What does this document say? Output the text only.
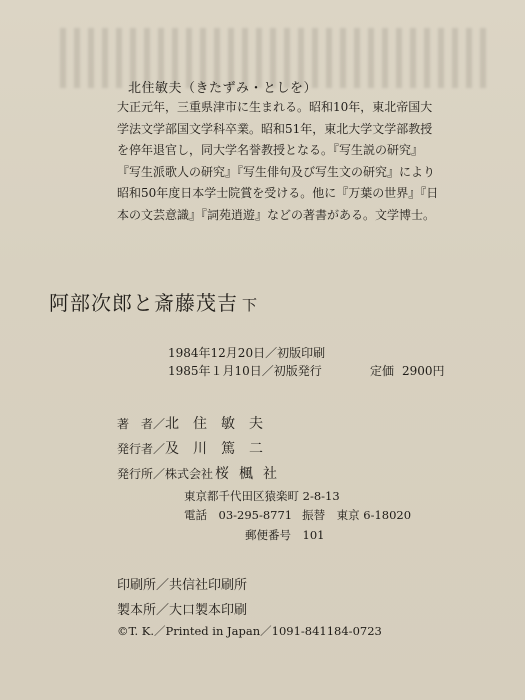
北住敏夫（きたずみ・としを）
大正元年，三重県津市に生まれる。昭和10年，東北帝国大
学法文学部国文学科卒業。昭和51年，東北大学文学部教授
を停年退官し，同大学名誉教授となる。『写生説の研究』
『写生派歌人の研究』『写生俳句及び写生文の研究』により
昭和50年度日本学士院賞を受ける。他に『万葉の世界』『日
本の文芸意識』『詞苑逍遊』などの著書がある。文学博士。
阿部次郎と斎藤茂吉 下
1984年12月20日／初版印刷
1985年１月10日／初版発行	定価 2900円
著　者／北住敏夫
発行者／及川篤二
発行所／株式会社 桜楓社
東京都千代田区猿楽町 2-8-13
電話　03-295-8771 振替　東京 6-18020
郵便番号　101
印刷所／共信社印刷所
製本所／大口製本印刷
©T. K.／Printed in Japan／1091-841184-0723
